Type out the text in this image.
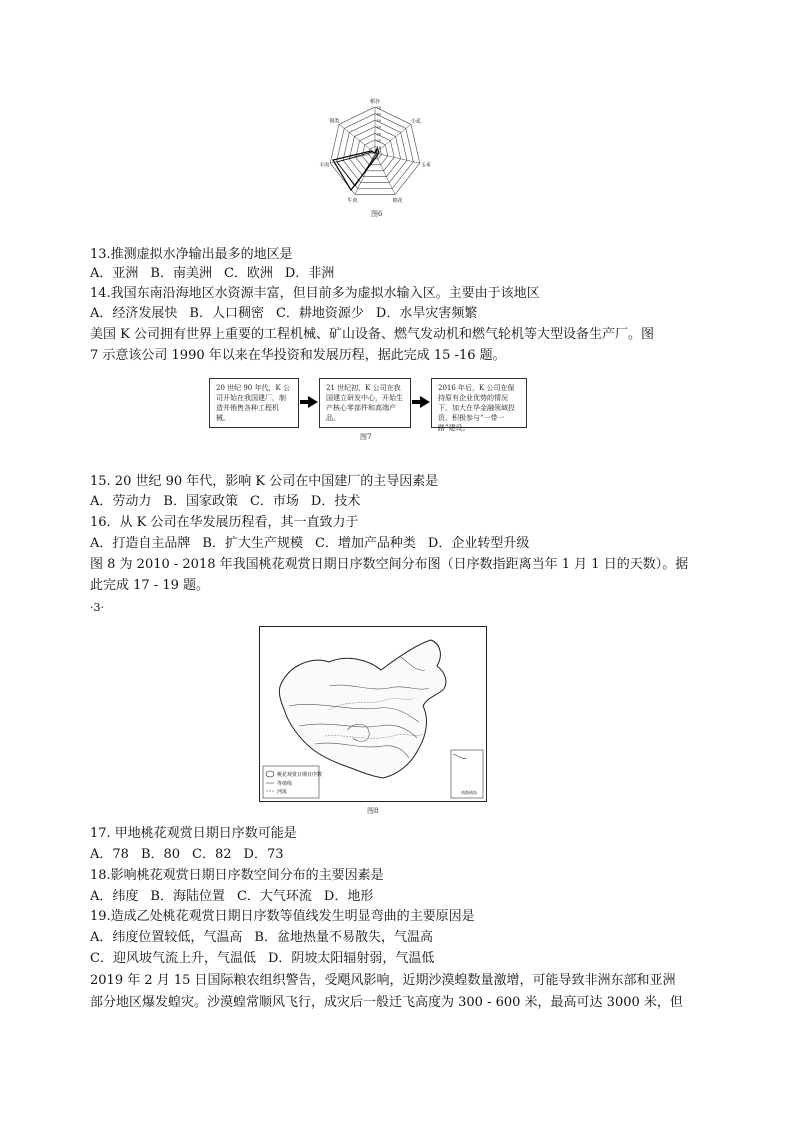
稻谷
小麦
玉米
棉花
牛肉
羊肉
钢类
70
60
50
40
30
20
10
0
图6
13.推测虚拟水净输出最多的地区是
A．亚洲 B．南美洲 C．欧洲 D．非洲
14.我国东南沿海地区水资源丰富，但目前多为虚拟水输入区。主要由于该地区
A．经济发展快 B．人口稠密 C．耕地资源少 D．水旱灾害频繁
美国 K 公司拥有世界上重要的工程机械、矿山设备、燃气发动机和燃气轮机等大型设备生产厂。图
7 示意该公司 1990 年以来在华投资和发展历程，据此完成 15 -16 题。
20 世纪 90 年代，K 公司开始在我国建厂，制造并销售各种工程机械。
21 世纪初，K 公司在我国建立研发中心，开始生产核心零部件和高端产品。
2016 年后，K 公司在保持原有企业优势的情况下，加大在华金融领域投资，积极参与“一带一路”建设。
图7
15. 20 世纪 90 年代，影响 K 公司在中国建厂的主导因素是
A．劳动力 B．国家政策 C．市场 D．技术
16．从 K 公司在华发展历程看，其一直致力于
A．打造自主品牌 B．扩大生产规模 C．增加产品种类 D．企业转型升级
图 8 为 2010 - 2018 年我国桃花观赏日期日序数空间分布图（日序数指距离当年 1 月 1 日的天数）。据
此完成 17 - 19 题。
·3·
桃花观赏日期日序数
等值线
河流	南海诸岛
图8
17. 甲地桃花观赏日期日序数可能是
A．78 B．80 C．82 D．73
18.影响桃花观赏日期日序数空间分布的主要因素是
A．纬度 B．海陆位置 C．大气环流 D．地形
19.造成乙处桃花观赏日期日序数等值线发生明显弯曲的主要原因是
A．纬度位置较低，气温高 B．盆地热量不易散失，气温高
C．迎风坡气流上升，气温低 D．阴坡太阳辐射弱，气温低
2019 年 2 月 15 日国际粮农组织警告，受飓风影响，近期沙漠蝗数量激增，可能导致非洲东部和亚洲
部分地区爆发蝗灾。沙漠蝗常顺风飞行，成灾后一般迁飞高度为 300 - 600 米，最高可达 3000 米，但
